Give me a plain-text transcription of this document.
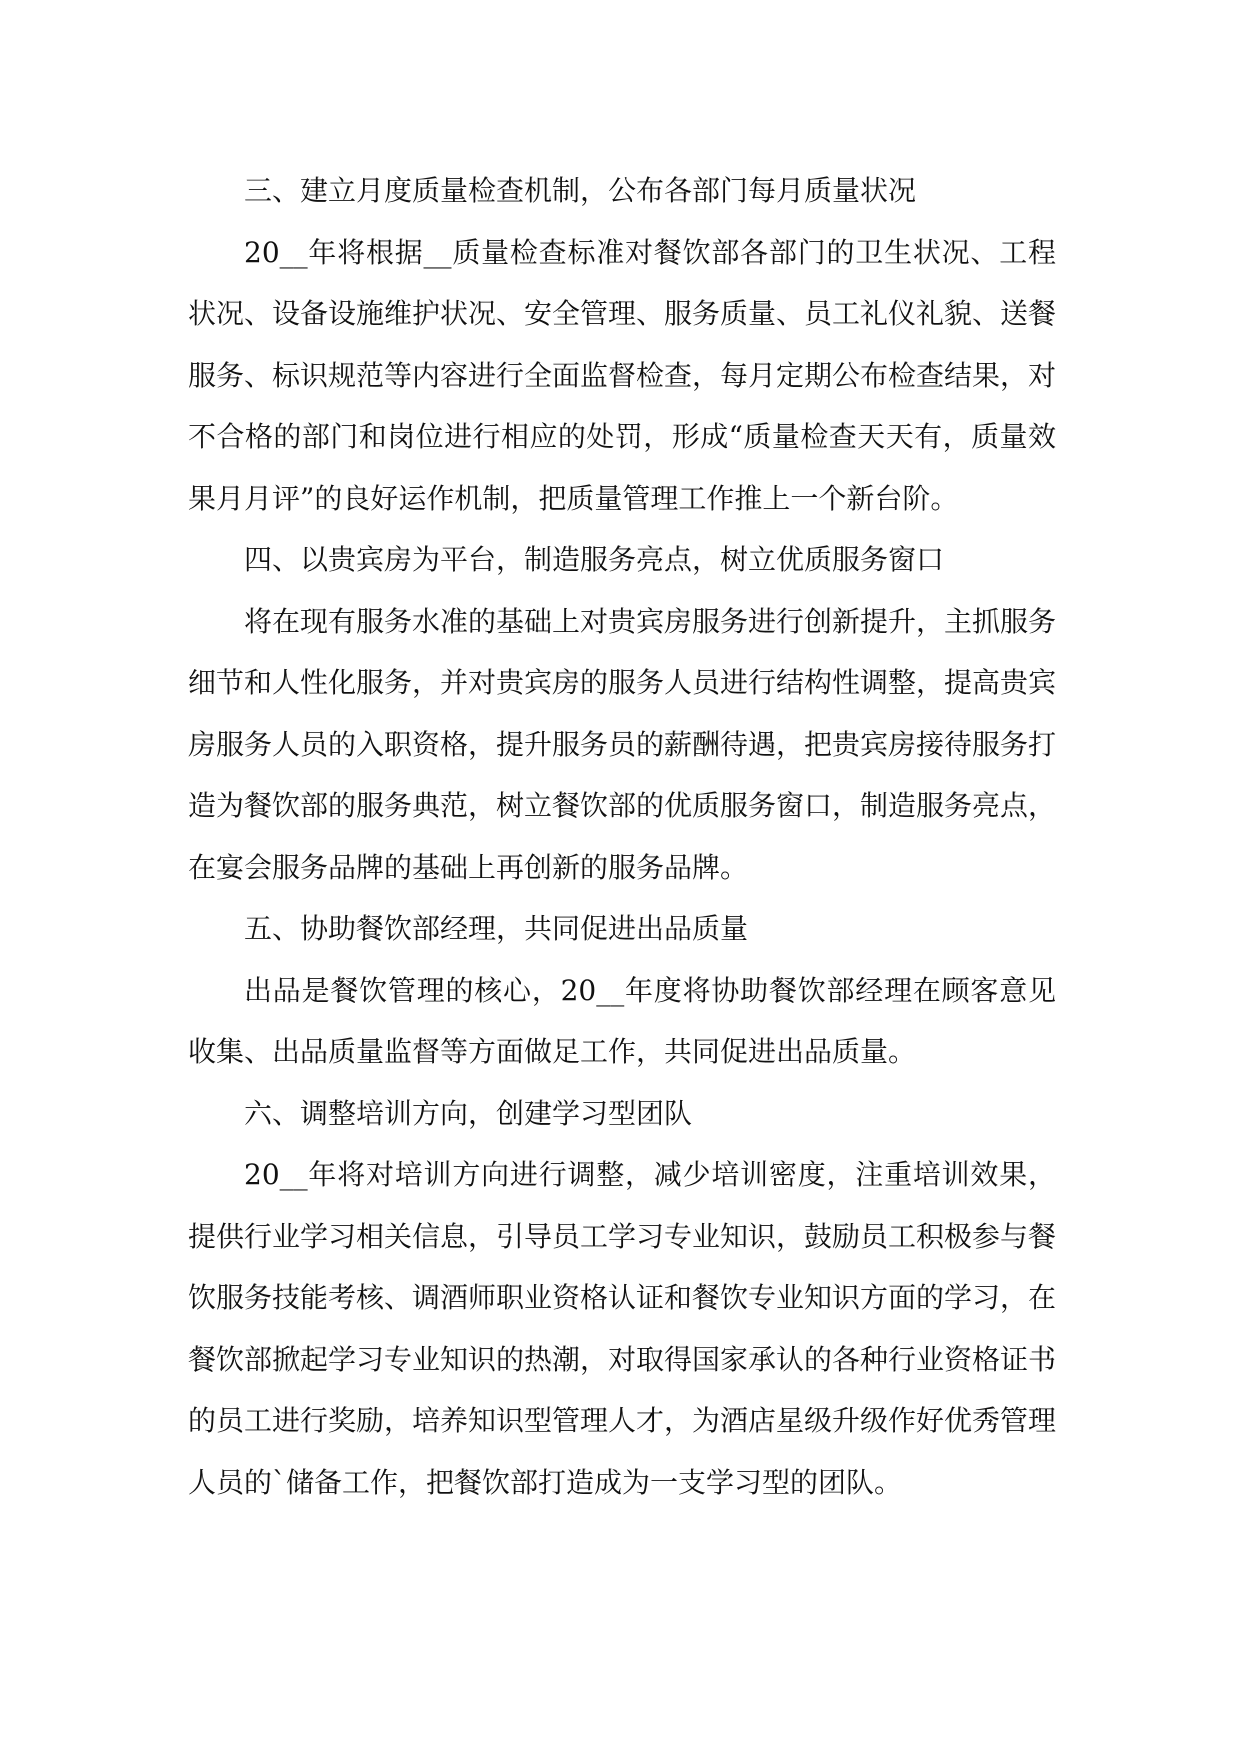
三、建立月度质量检查机制，公布各部门每月质量状况

20__年将根据__质量检查标准对餐饮部各部门的卫生状况、工程状况、设备设施维护状况、安全管理、服务质量、员工礼仪礼貌、送餐服务、标识规范等内容进行全面监督检查，每月定期公布检查结果，对不合格的部门和岗位进行相应的处罚，形成“质量检查天天有，质量效果月月评”的良好运作机制，把质量管理工作推上一个新台阶。

四、以贵宾房为平台，制造服务亮点，树立优质服务窗口

将在现有服务水准的基础上对贵宾房服务进行创新提升，主抓服务细节和人性化服务，并对贵宾房的服务人员进行结构性调整，提高贵宾房服务人员的入职资格，提升服务员的薪酬待遇，把贵宾房接待服务打造为餐饮部的服务典范，树立餐饮部的优质服务窗口，制造服务亮点，在宴会服务品牌的基础上再创新的服务品牌。

五、协助餐饮部经理，共同促进出品质量

出品是餐饮管理的核心，20__年度将协助餐饮部经理在顾客意见收集、出品质量监督等方面做足工作，共同促进出品质量。

六、调整培训方向，创建学习型团队

20__年将对培训方向进行调整，减少培训密度，注重培训效果，提供行业学习相关信息，引导员工学习专业知识，鼓励员工积极参与餐饮服务技能考核、调酒师职业资格认证和餐饮专业知识方面的学习，在餐饮部掀起学习专业知识的热潮，对取得国家承认的各种行业资格证书的员工进行奖励，培养知识型管理人才，为酒店星级升级作好优秀管理人员的`储备工作，把餐饮部打造成为一支学习型的团队。
